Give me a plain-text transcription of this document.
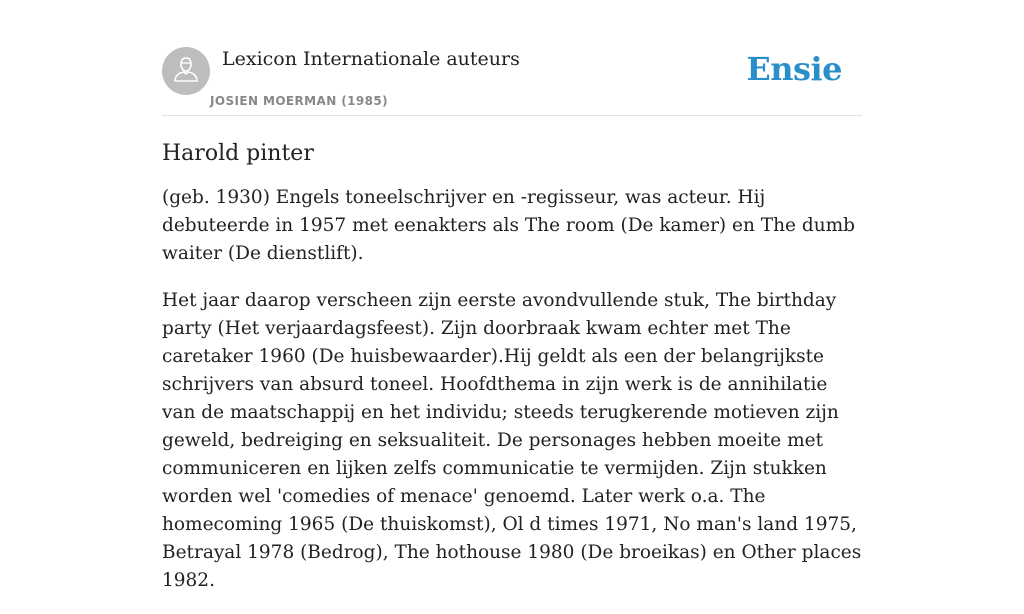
Lexicon Internationale auteurs
JOSIEN MOERMAN (1985)
Ensie
Harold pinter

(geb. 1930) Engels toneelschrijver en -regisseur, was acteur. Hij debuteerde in 1957 met eenakters als The room (De kamer) en The dumb waiter (De dienstlift).

Het jaar daarop verscheen zijn eerste avondvullende stuk, The birthday party (Het verjaardagsfeest). Zijn doorbraak kwam echter met The caretaker 1960 (De huisbewaarder).Hij geldt als een der belangrijkste schrijvers van absurd toneel. Hoofdthema in zijn werk is de annihilatie van de maatschappij en het individu; steeds terugkerende motieven zijn geweld, bedreiging en seksualiteit. De personages hebben moeite met communiceren en lijken zelfs communicatie te vermijden. Zijn stukken worden wel 'comedies of menace' genoemd. Later werk o.a. The homecoming 1965 (De thuiskomst), Ol d times 1971, No man's land 1975, Betrayal 1978 (Bedrog), The hothouse 1980 (De broeikas) en Other places 1982.
